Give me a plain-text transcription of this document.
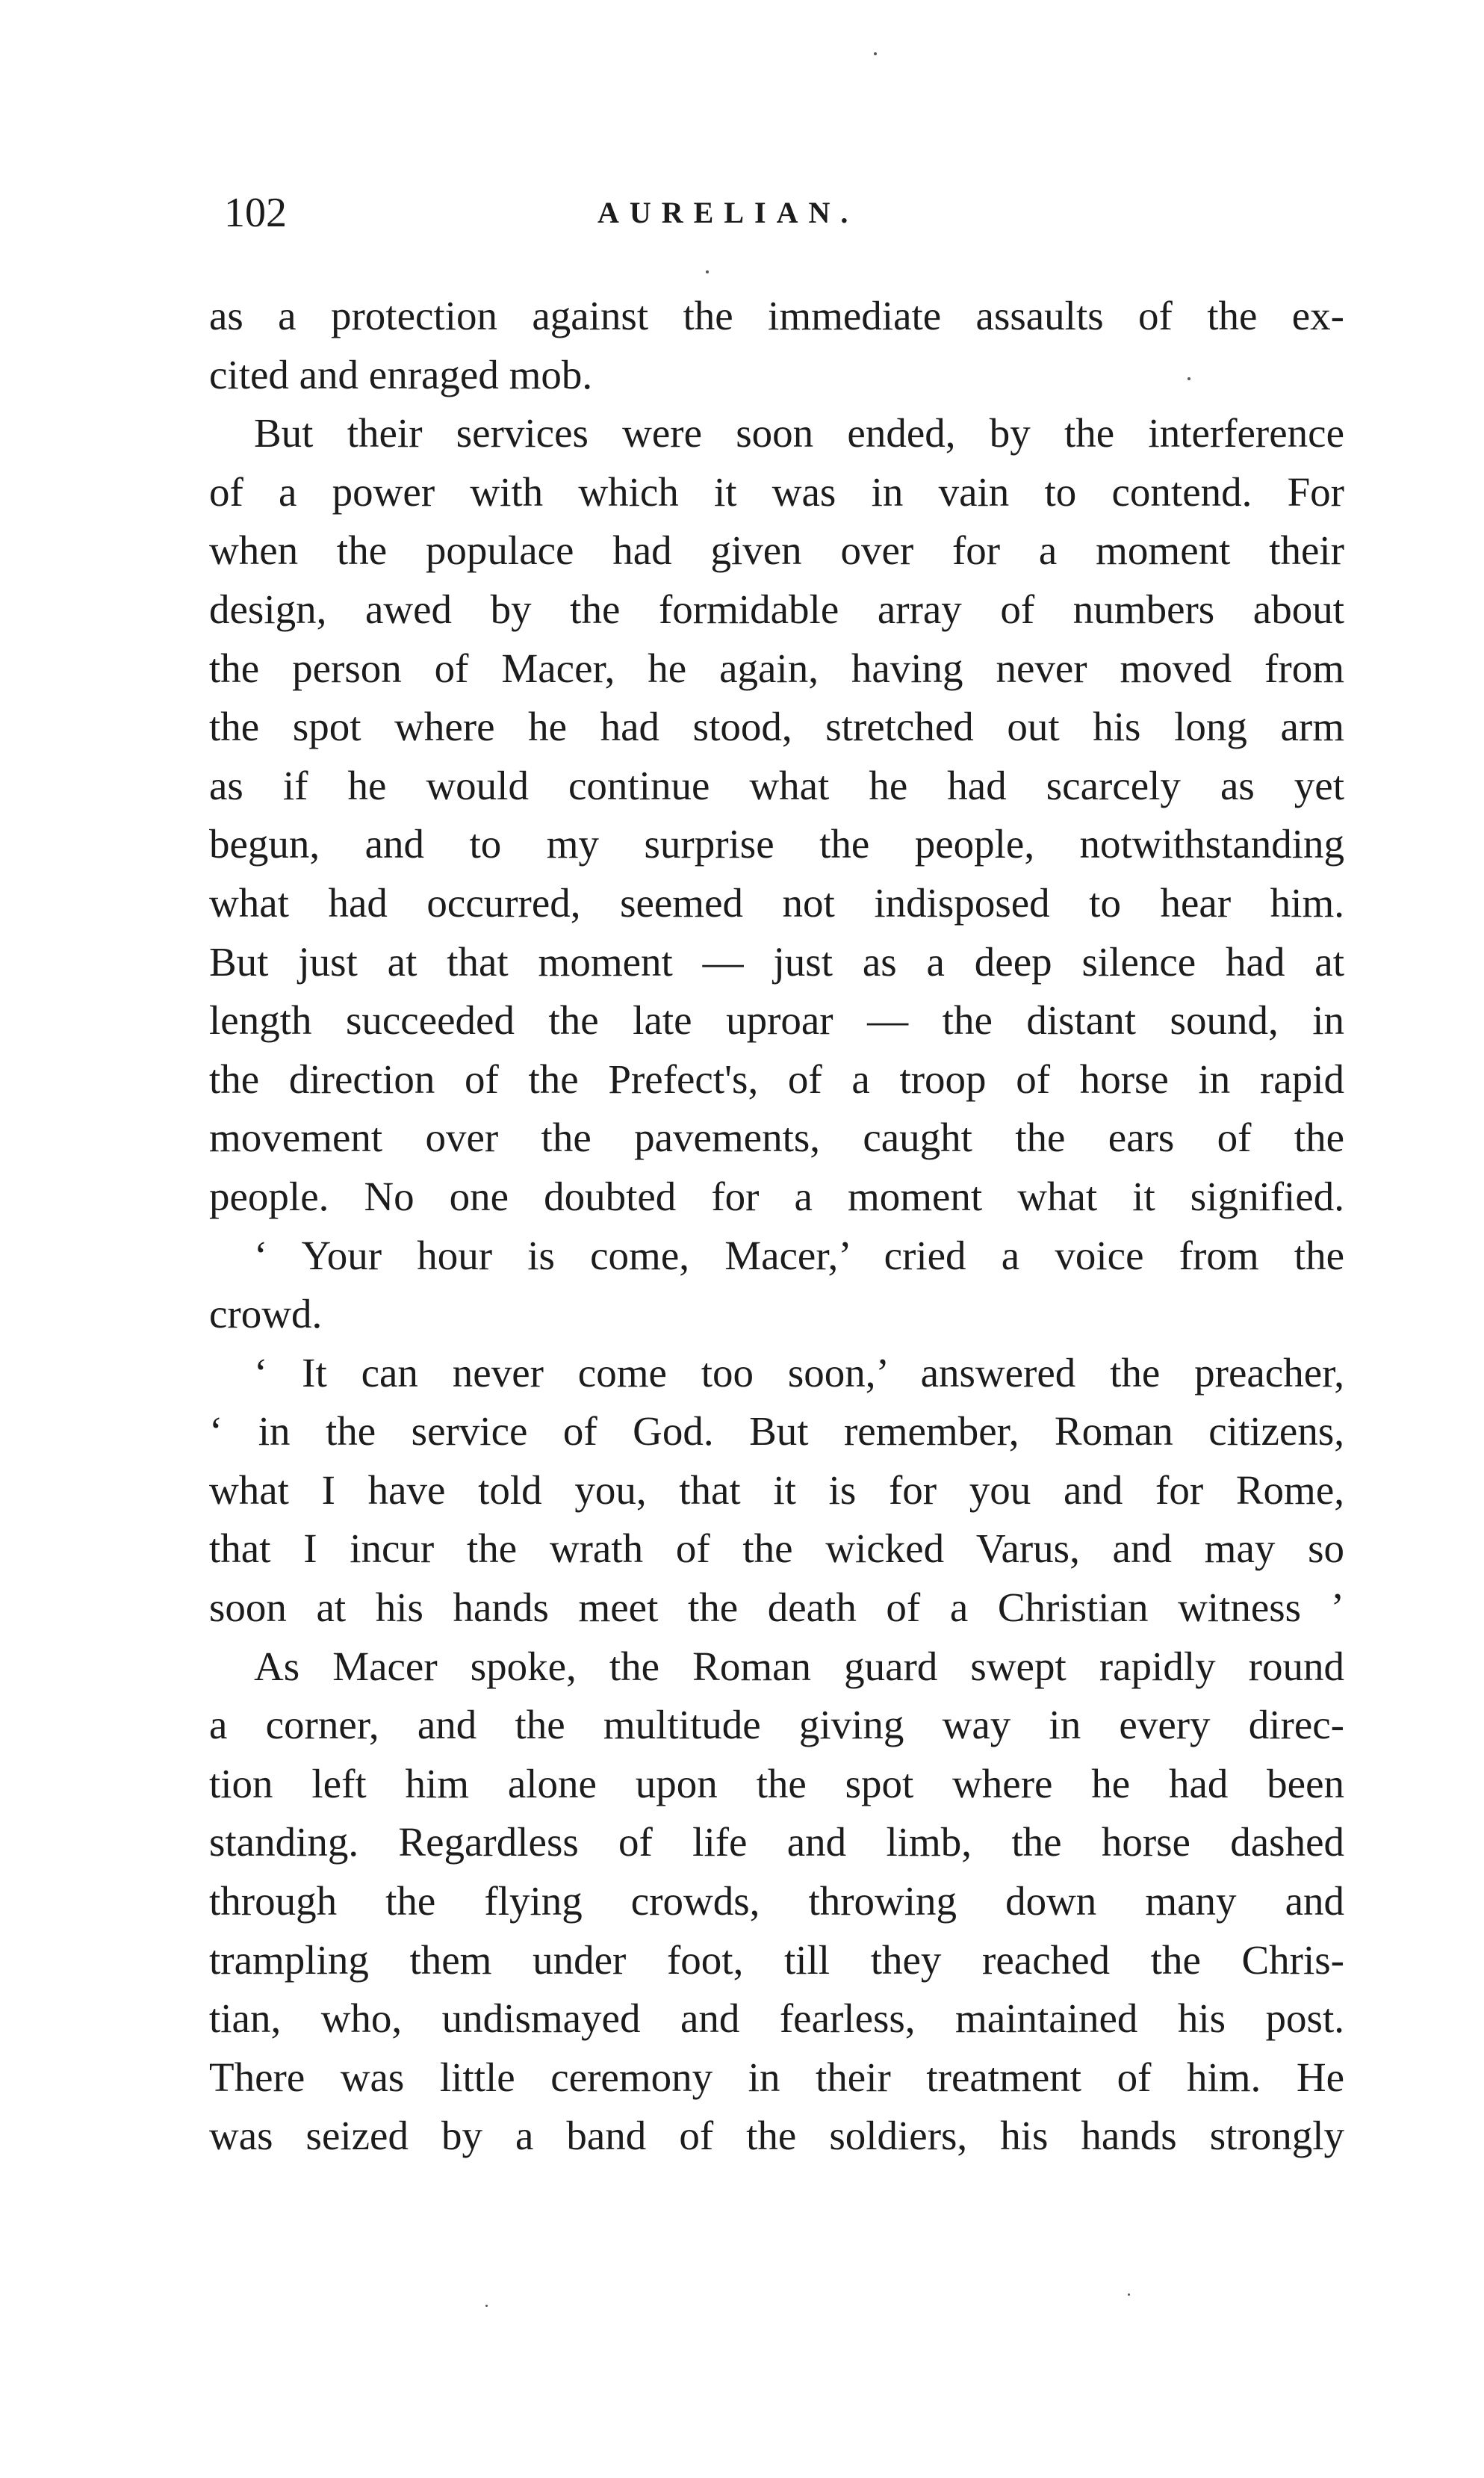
102	AURELIAN.
as a protection against the immediate assaults of the ex-
cited and enraged mob.
But their services were soon ended, by the interference
of a power with which it was in vain to contend. For
when the populace had given over for a moment their
design, awed by the formidable array of numbers about
the person of Macer, he again, having never moved from
the spot where he had stood, stretched out his long arm
as if he would continue what he had scarcely as yet
begun, and to my surprise the people, notwithstanding
what had occurred, seemed not indisposed to hear him.
But just at that moment — just as a deep silence had at
length succeeded the late uproar — the distant sound, in
the direction of the Prefect's, of a troop of horse in rapid
movement over the pavements, caught the ears of the
people. No one doubted for a moment what it signified.
‘ Your hour is come, Macer,’ cried a voice from the
crowd.
‘ It can never come too soon,’ answered the preacher,
‘ in the service of God. But remember, Roman citizens,
what I have told you, that it is for you and for Rome,
that I incur the wrath of the wicked Varus, and may so
soon at his hands meet the death of a Christian witness ’
As Macer spoke, the Roman guard swept rapidly round
a corner, and the multitude giving way in every direc-
tion left him alone upon the spot where he had been
standing. Regardless of life and limb, the horse dashed
through the flying crowds, throwing down many and
trampling them under foot, till they reached the Chris-
tian, who, undismayed and fearless, maintained his post.
There was little ceremony in their treatment of him. He
was seized by a band of the soldiers, his hands strongly
